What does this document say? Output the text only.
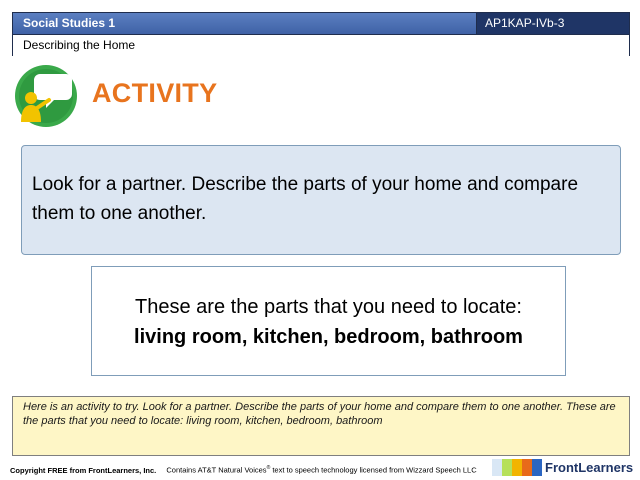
Social Studies 1	AP1KAP-IVb-3
Describing the Home
ACTIVITY
Look for a partner. Describe the parts of your home and compare them to one another.
These are the parts that you need to locate:
living room, kitchen, bedroom, bathroom
Here is an activity to try. Look for a partner. Describe the parts of your home and compare them to one another. These are the parts that you need to locate: living room, kitchen, bedroom, bathroom
Copyright FREE from FrontLearners, Inc. Contains AT&T Natural Voices® text to speech technology licensed from Wizzard Speech LLC	FrontLearners
